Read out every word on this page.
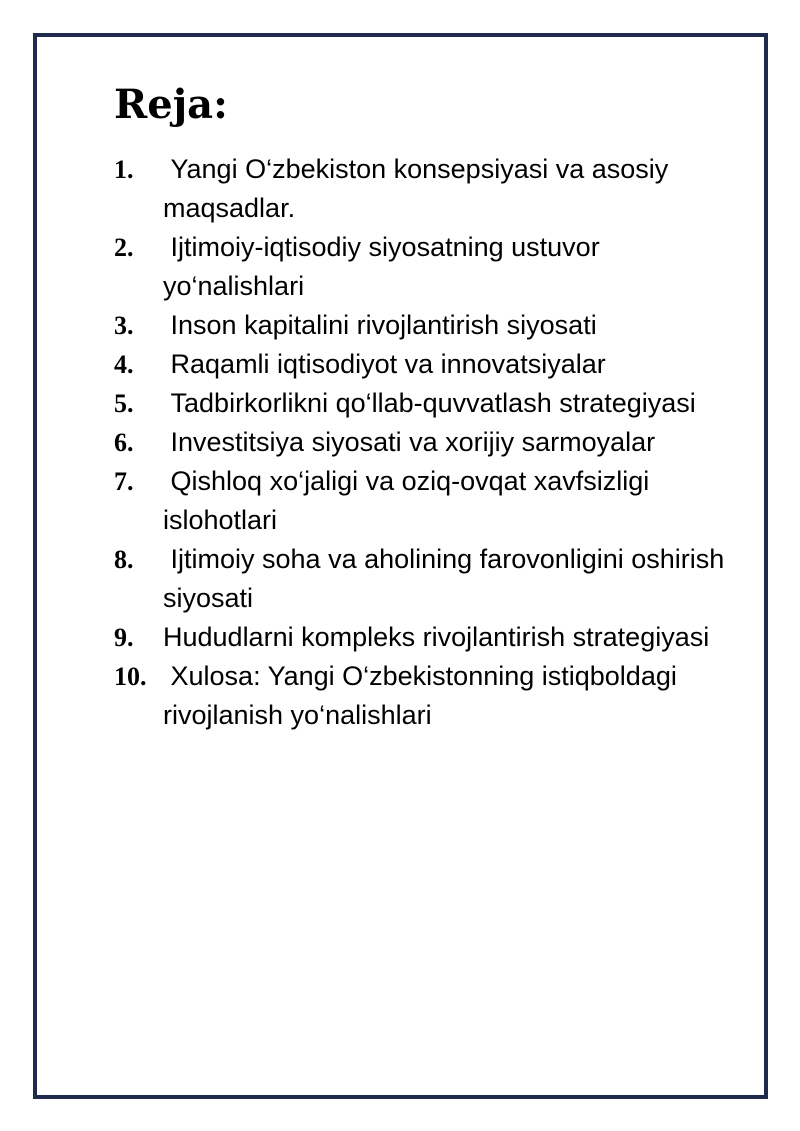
Reja:
1. Yangi O‘zbekiston konsepsiyasi va asosiy maqsadlar.
2. Ijtimoiy-iqtisodiy siyosatning ustuvor yo‘nalishlari
3. Inson kapitalini rivojlantirish siyosati
4. Raqamli iqtisodiyot va innovatsiyalar
5. Tadbirkorlikni qo‘llab-quvvatlash strategiyasi
6. Investitsiya siyosati va xorijiy sarmoyalar
7. Qishloq xo‘jaligi va oziq-ovqat xavfsizligi islohotlari
8. Ijtimoiy soha va aholining farovonligini oshirish siyosati
9. Hududlarni kompleks rivojlantirish strategiyasi
10. Xulosa: Yangi O‘zbekistonning istiqboldagi rivojlanish yo‘nalishlari
